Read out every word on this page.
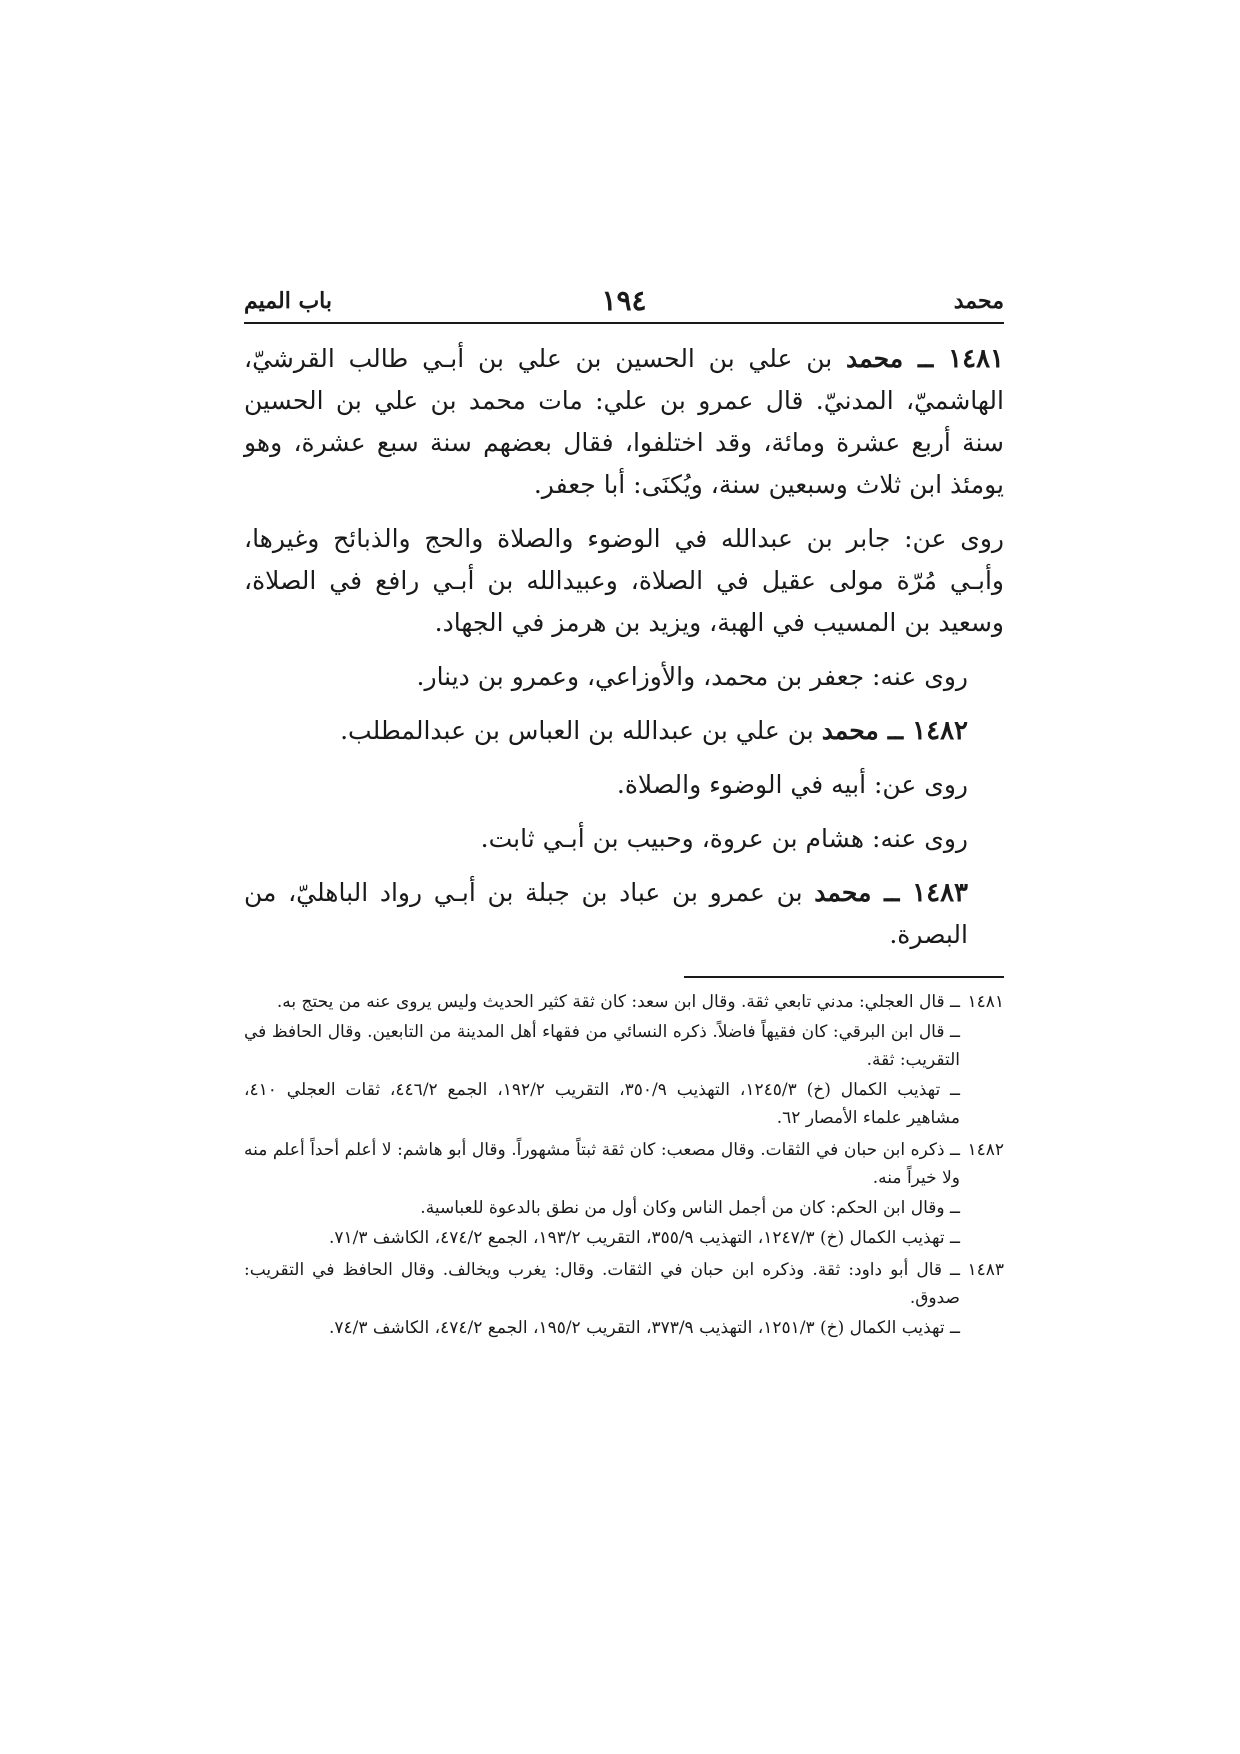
محمد
١٩٤
باب الميم

١٤٨١ ــ محمد بن علي بن الحسين بن علي بن أبـي طالب القرشيّ، الهاشميّ، المدنيّ. قال عمرو بن علي: مات محمد بن علي بن الحسين سنة أربع عشرة ومائة، وقد اختلفوا، فقال بعضهم سنة سبع عشرة، وهو يومئذ ابن ثلاث وسبعين سنة، ويُكنَى: أبا جعفر.

روى عن: جابر بن عبدالله في الوضوء والصلاة والحج والذبائح وغيرها، وأبـي مُرّة مولى عقيل في الصلاة، وعبيدالله بن أبـي رافع في الصلاة، وسعيد بن المسيب في الهبة، ويزيد بن هرمز في الجهاد.

روى عنه: جعفر بن محمد، والأوزاعي، وعمرو بن دينار.

١٤٨٢ ــ محمد بن علي بن عبدالله بن العباس بن عبدالمطلب.

روى عن: أبيه في الوضوء والصلاة.

روى عنه: هشام بن عروة، وحبيب بن أبـي ثابت.

١٤٨٣ ــ محمد بن عمرو بن عباد بن جبلة بن أبـي رواد الباهليّ، من البصرة.

١٤٨١

ــ قال العجلي: مدني تابعي ثقة. وقال ابن سعد: كان ثقة كثير الحديث وليس يروى عنه من يحتج به.

ــ قال ابن البرقي: كان فقيهاً فاضلاً. ذكره النسائي من فقهاء أهل المدينة من التابعين. وقال الحافظ في التقريب: ثقة.

ــ تهذيب الكمال (خ) ١٢٤٥/٣، التهذيب ٣٥٠/٩، التقريب ١٩٢/٢، الجمع ٤٤٦/٢، ثقات العجلي ٤١٠، مشاهير علماء الأمصار ٦٢.

١٤٨٢

ــ ذكره ابن حبان في الثقات. وقال مصعب: كان ثقة ثبتاً مشهوراً. وقال أبو هاشم: لا أعلم أحداً أعلم منه ولا خيراً منه.

ــ وقال ابن الحكم: كان من أجمل الناس وكان أول من نطق بالدعوة للعباسية.

ــ تهذيب الكمال (خ) ١٢٤٧/٣، التهذيب ٣٥٥/٩، التقريب ١٩٣/٢، الجمع ٤٧٤/٢، الكاشف ٧١/٣.

١٤٨٣

ــ قال أبو داود: ثقة. وذكره ابن حبان في الثقات. وقال: يغرب ويخالف. وقال الحافظ في التقريب: صدوق.

ــ تهذيب الكمال (خ) ١٢٥١/٣، التهذيب ٣٧٣/٩، التقريب ١٩٥/٢، الجمع ٤٧٤/٢، الكاشف ٧٤/٣.
